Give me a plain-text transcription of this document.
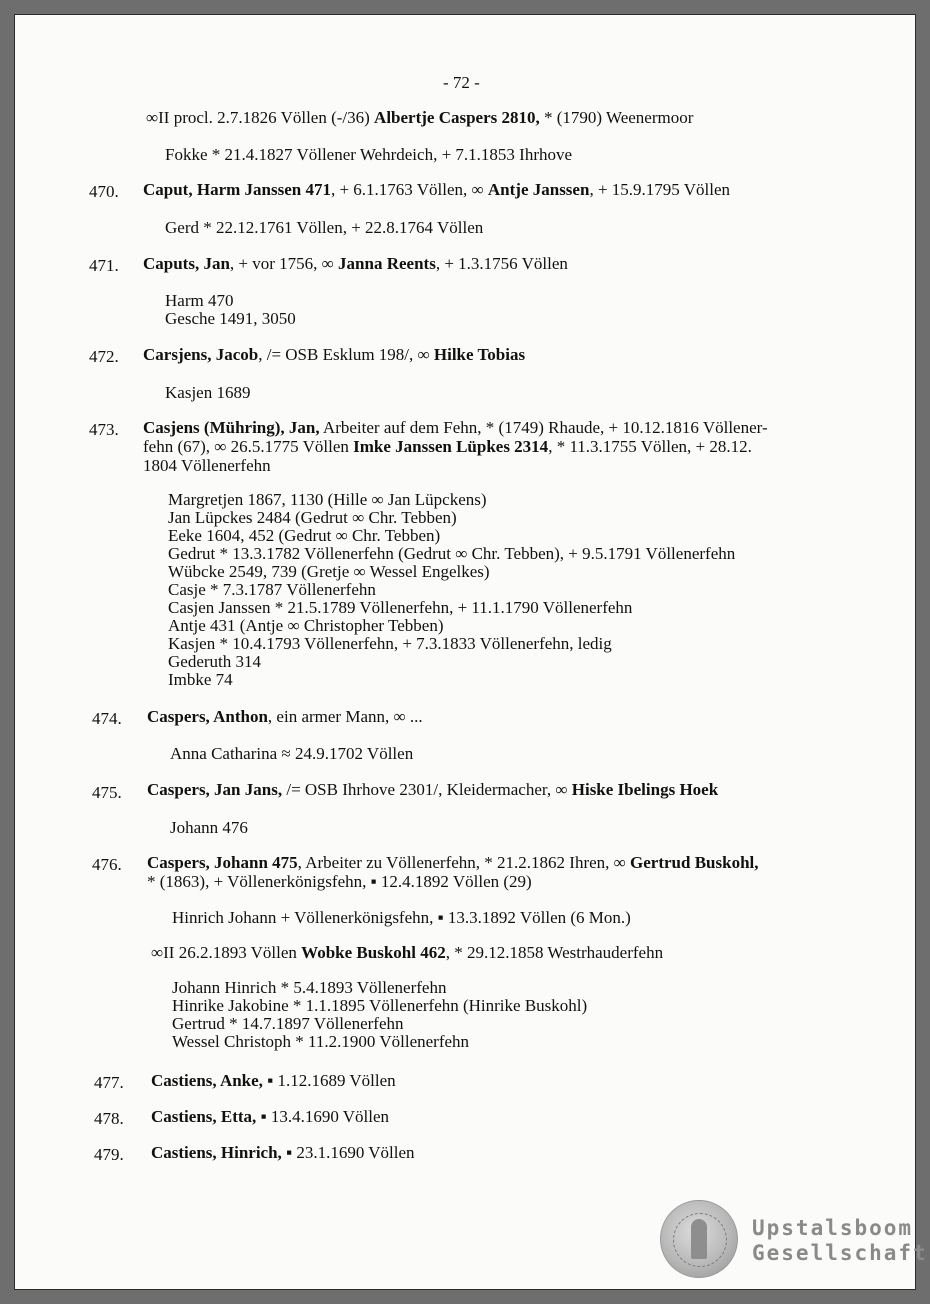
- 72 -
∞II procl. 2.7.1826 Völlen (-/36) Albertje Caspers 2810, * (1790) Weenermoor
Fokke * 21.4.1827 Völlener Wehrdeich, + 7.1.1853 Ihrhove
470. Caput, Harm Janssen 471, + 6.1.1763 Völlen, ∞ Antje Janssen, + 15.9.1795 Völlen
Gerd * 22.12.1761 Völlen, + 22.8.1764 Völlen
471. Caputs, Jan, + vor 1756, ∞ Janna Reents, + 1.3.1756 Völlen
Harm 470
Gesche 1491, 3050
472. Carsjens, Jacob, /= OSB Esklum 198/, ∞ Hilke Tobias
Kasjen 1689
473. Casjens (Mühring), Jan, Arbeiter auf dem Fehn, * (1749) Rhaude, + 10.12.1816 Völlener-
fehn (67), ∞ 26.5.1775 Völlen Imke Janssen Lüpkes 2314, * 11.3.1755 Völlen, + 28.12.
1804 Völlenerfehn
Margretjen 1867, 1130 (Hille ∞ Jan Lüpckens)
Jan Lüpckes 2484 (Gedrut ∞ Chr. Tebben)
Eeke 1604, 452 (Gedrut ∞ Chr. Tebben)
Gedrut * 13.3.1782 Völlenerfehn (Gedrut ∞ Chr. Tebben), + 9.5.1791 Völlenerfehn
Wübcke 2549, 739 (Gretje ∞ Wessel Engelkes)
Casje * 7.3.1787 Völlenerfehn
Casjen Janssen * 21.5.1789 Völlenerfehn, + 11.1.1790 Völlenerfehn
Antje 431 (Antje ∞ Christopher Tebben)
Kasjen * 10.4.1793 Völlenerfehn, + 7.3.1833 Völlenerfehn, ledig
Gederuth 314
Imbke 74
474. Caspers, Anthon, ein armer Mann, ∞ ...
Anna Catharina ≈ 24.9.1702 Völlen
475. Caspers, Jan Jans, /= OSB Ihrhove 2301/, Kleidermacher, ∞ Hiske Ibelings Hoek
Johann 476
476. Caspers, Johann 475, Arbeiter zu Völlenerfehn, * 21.2.1862 Ihren, ∞ Gertrud Buskohl,
* (1863), + Völlenerkönigsfehn, ▪ 12.4.1892 Völlen (29)
Hinrich Johann + Völlenerkönigsfehn, ▪ 13.3.1892 Völlen (6 Mon.)
∞II 26.2.1893 Völlen Wobke Buskohl 462, * 29.12.1858 Westrhauderfehn
Johann Hinrich * 5.4.1893 Völlenerfehn
Hinrike Jakobine * 1.1.1895 Völlenerfehn (Hinrike Buskohl)
Gertrud * 14.7.1897 Völlenerfehn
Wessel Christoph * 11.2.1900 Völlenerfehn
477. Castiens, Anke, ▪ 1.12.1689 Völlen
478. Castiens, Etta, ▪ 13.4.1690 Völlen
479. Castiens, Hinrich, ▪ 23.1.1690 Völlen
Upstalsboom
Gesellschaft
